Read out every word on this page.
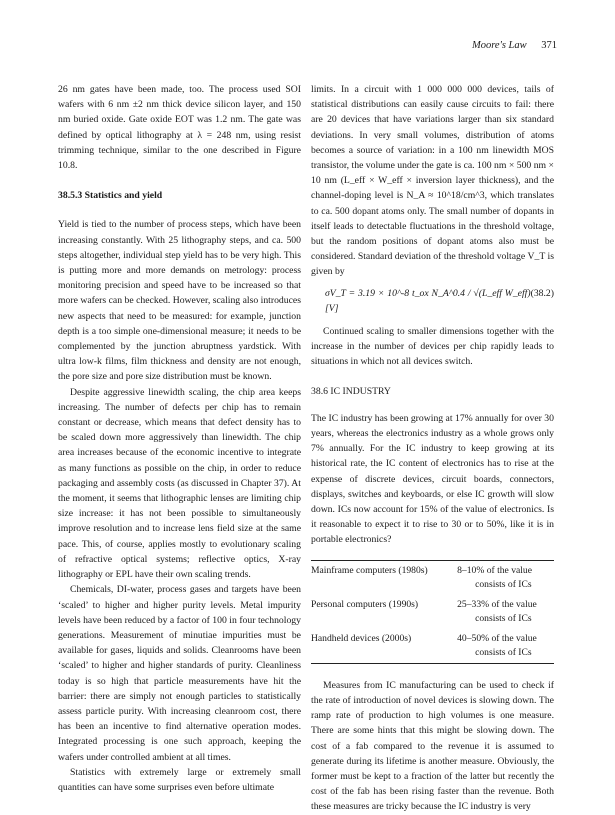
Moore's Law 371

26 nm gates have been made, too. The process used SOI wafers with 6 nm ±2 nm thick device silicon layer, and 150 nm buried oxide. Gate oxide EOT was 1.2 nm. The gate was defined by optical lithography at λ = 248 nm, using resist trimming technique, similar to the one described in Figure 10.8.

38.5.3 Statistics and yield

Yield is tied to the number of process steps, which have been increasing constantly. With 25 lithography steps, and ca. 500 steps altogether, individual step yield has to be very high. This is putting more and more demands on metrology: process monitoring precision and speed have to be increased so that more wafers can be checked. However, scaling also introduces new aspects that need to be measured: for example, junction depth is a too simple one-dimensional measure; it needs to be complemented by the junction abruptness yardstick. With ultra low-k films, film thickness and density are not enough, the pore size and pore size distribution must be known.

Despite aggressive linewidth scaling, the chip area keeps increasing. The number of defects per chip has to remain constant or decrease, which means that defect density has to be scaled down more aggressively than linewidth. The chip area increases because of the economic incentive to integrate as many functions as possible on the chip, in order to reduce packaging and assembly costs (as discussed in Chapter 37). At the moment, it seems that lithographic lenses are limiting chip size increase: it has not been possible to simultaneously improve resolution and to increase lens field size at the same pace. This, of course, applies mostly to evolutionary scaling of refractive optical systems; reflective optics, X-ray lithography or EPL have their own scaling trends.

Chemicals, DI-water, process gases and targets have been ‘scaled’ to higher and higher purity levels. Metal impurity levels have been reduced by a factor of 100 in four technology generations. Measurement of minutiae impurities must be available for gases, liquids and solids. Cleanrooms have been ‘scaled’ to higher and higher standards of purity. Cleanliness today is so high that particle measurements have hit the barrier: there are simply not enough particles to statistically assess particle purity. With increasing cleanroom cost, there has been an incentive to find alternative operation modes. Integrated processing is one such approach, keeping the wafers under controlled ambient at all times.

Statistics with extremely large or extremely small quantities can have some surprises even before ultimate

limits. In a circuit with 1 000 000 000 devices, tails of statistical distributions can easily cause circuits to fail: there are 20 devices that have variations larger than six standard deviations. In very small volumes, distribution of atoms becomes a source of variation: in a 100 nm linewidth MOS transistor, the volume under the gate is ca. 100 nm × 500 nm × 10 nm (L_eff × W_eff × inversion layer thickness), and the channel-doping level is N_A ≈ 10^18/cm^3, which translates to ca. 500 dopant atoms only. The small number of dopants in itself leads to detectable fluctuations in the threshold voltage, but the random positions of dopant atoms also must be considered. Standard deviation of the threshold voltage V_T is given by

σV_T = 3.19 × 10^-8 t_ox N_A^0.4 / √(L_eff W_eff) [V]
(38.2)

Continued scaling to smaller dimensions together with the increase in the number of devices per chip rapidly leads to situations in which not all devices switch.

38.6 IC INDUSTRY

The IC industry has been growing at 17% annually for over 30 years, whereas the electronics industry as a whole grows only 7% annually. For the IC industry to keep growing at its historical rate, the IC content of electronics has to rise at the expense of discrete devices, circuit boards, connectors, displays, switches and keyboards, or else IC growth will slow down. ICs now account for 15% of the value of electronics. Is it reasonable to expect it to rise to 30 or to 50%, like it is in portable electronics?

Mainframe computers (1980s)	8–10% of the value
consists of ICs

Personal computers (1990s)	25–33% of the value
consists of ICs

Handheld devices (2000s)	40–50% of the value
consists of ICs

Measures from IC manufacturing can be used to check if the rate of introduction of novel devices is slowing down. The ramp rate of production to high volumes is one measure. There are some hints that this might be slowing down. The cost of a fab compared to the revenue it is assumed to generate during its lifetime is another measure. Obviously, the former must be kept to a fraction of the latter but recently the cost of the fab has been rising faster than the revenue. Both these measures are tricky because the IC industry is very
